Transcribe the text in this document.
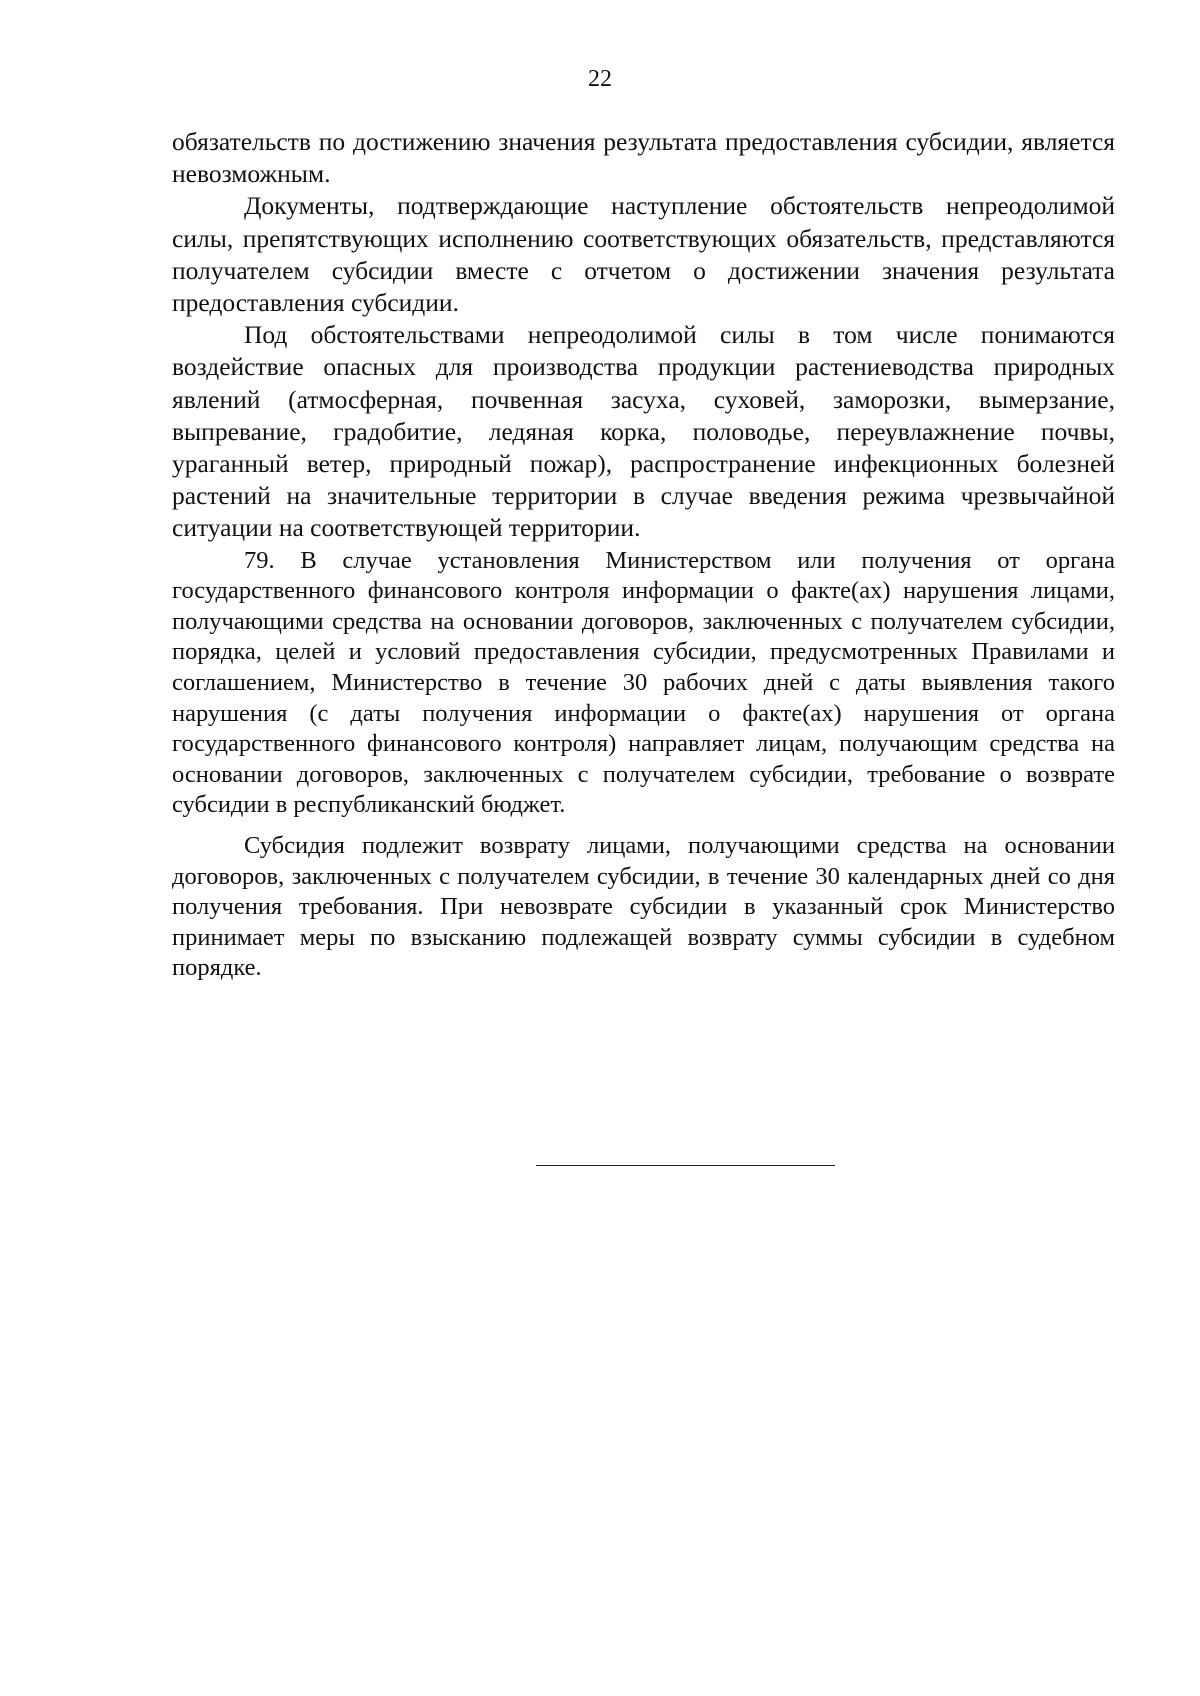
22

обязательств по достижению значения результата предоставления субсидии, является невозможным.

Документы, подтверждающие наступление обстоятельств непреодолимой силы, препятствующих исполнению соответствующих обязательств, представляются получателем субсидии вместе с отчетом о достижении значения результата предоставления субсидии.

Под обстоятельствами непреодолимой силы в том числе понимаются воздействие опасных для производства продукции растениеводства природных явлений (атмосферная, почвенная засуха, суховей, заморозки, вымерзание, выпревание, градобитие, ледяная корка, половодье, переувлажнение почвы, ураганный ветер, природный пожар), распространение инфекционных болезней растений на значительные территории в случае введения режима чрезвычайной ситуации на соответствующей территории.

79. В случае установления Министерством или получения от органа государственного финансового контроля информации о факте(ах) нарушения лицами, получающими средства на основании договоров, заключенных с получателем субсидии, порядка, целей и условий предоставления субсидии, предусмотренных Правилами и соглашением, Министерство в течение 30 рабочих дней с даты выявления такого нарушения (с даты получения информации о факте(ах) нарушения от органа государственного финансового контроля) направляет лицам, получающим средства на основании договоров, заключенных с получателем субсидии, требование о возврате субсидии в республиканский бюджет.

Субсидия подлежит возврату лицами, получающими средства на основании договоров, заключенных с получателем субсидии, в течение 30 календарных дней со дня получения требования. При невозврате субсидии в указанный срок Министерство принимает меры по взысканию подлежащей возврату суммы субсидии в судебном порядке.
